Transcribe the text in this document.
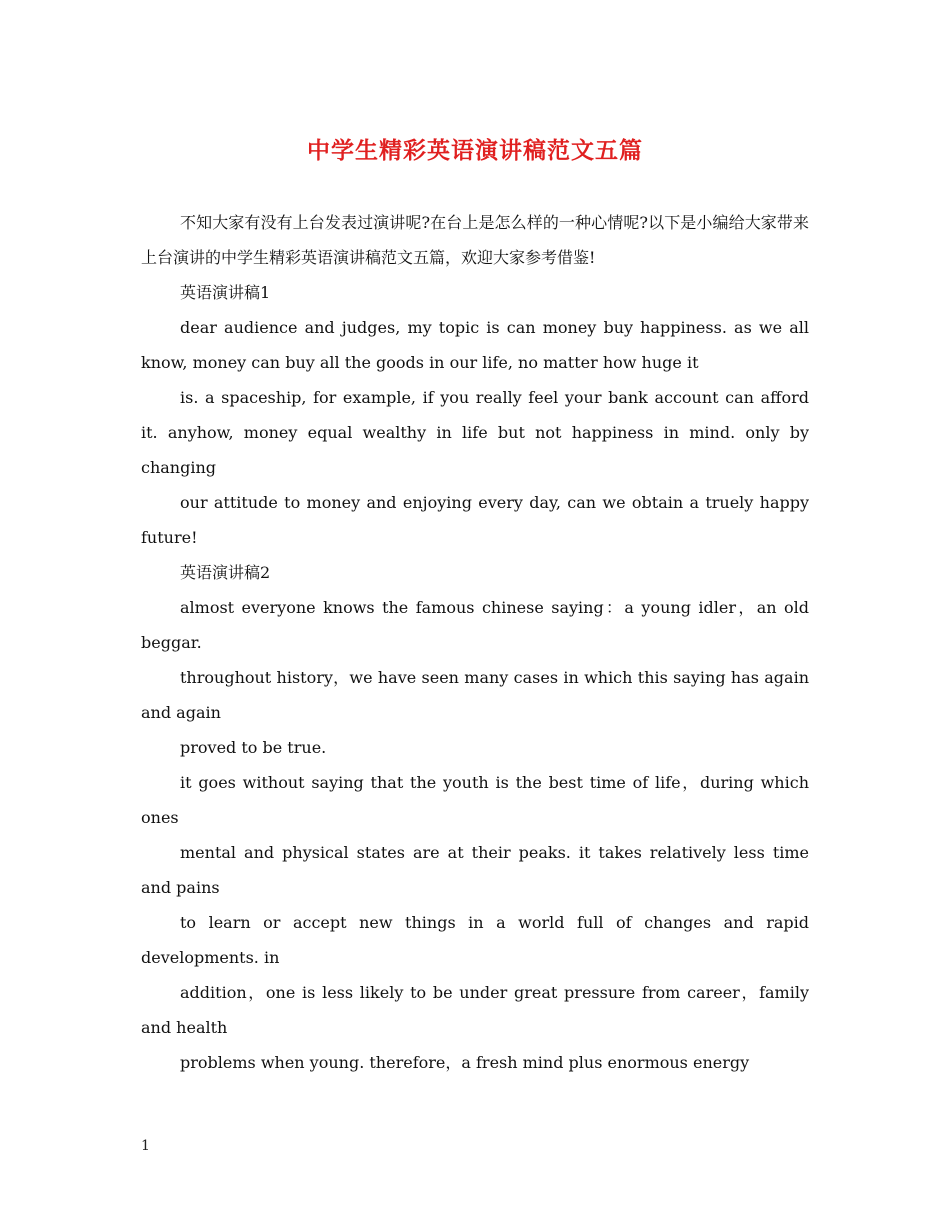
中学生精彩英语演讲稿范文五篇

不知大家有没有上台发表过演讲呢?在台上是怎么样的一种心情呢?以下是小编给大家带来上台演讲的中学生精彩英语演讲稿范文五篇，欢迎大家参考借鉴!

英语演讲稿1

dear audience and judges, my topic is can money buy happiness. as we all know, money can buy all the goods in our life, no matter how huge it

is. a spaceship, for example, if you really feel your bank account can afford it. anyhow, money equal wealthy in life but not happiness in mind. only by changing

our attitude to money and enjoying every day, can we obtain a truely happy future!

英语演讲稿2

almost everyone knows the famous chinese saying：a young idler，an old beggar.

throughout history，we have seen many cases in which this saying has again and again

proved to be true.

it goes without saying that the youth is the best time of life，during which ones

mental and physical states are at their peaks. it takes relatively less time and pains

to learn or accept new things in a world full of changes and rapid developments. in

addition，one is less likely to be under great pressure from career，family and health

problems when young. therefore，a fresh mind plus enormous energy

1
